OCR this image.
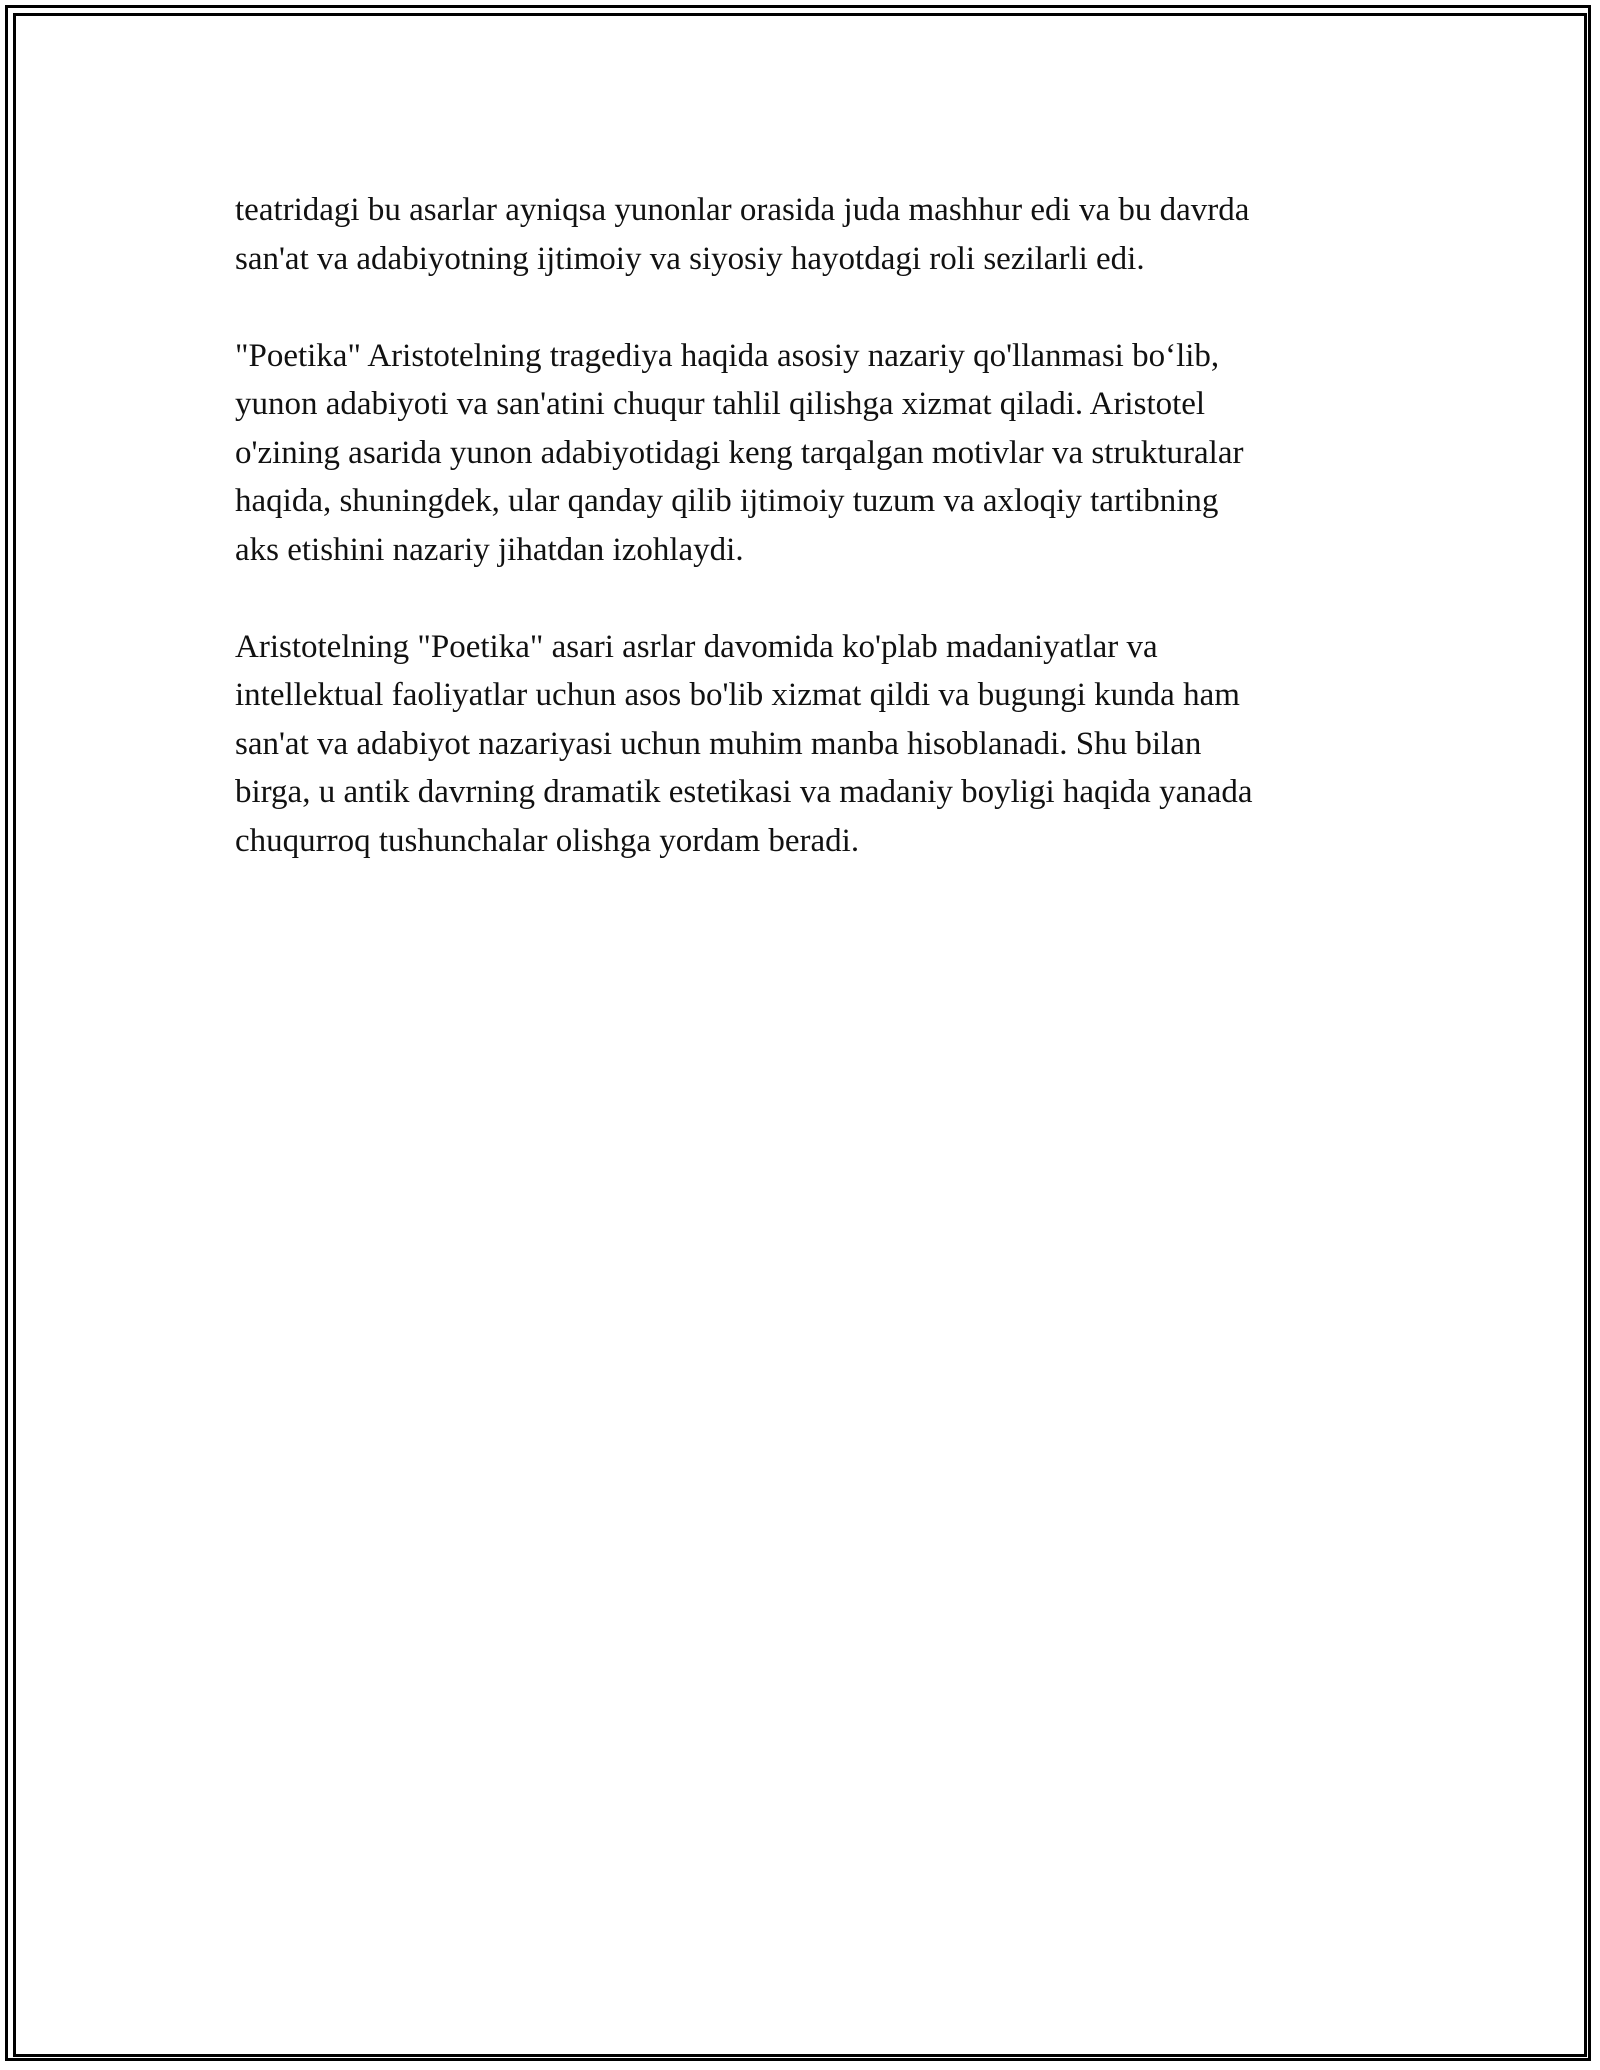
teatridagi bu asarlar ayniqsa yunonlar orasida juda mashhur edi va bu davrda
san'at va adabiyotning ijtimoiy va siyosiy hayotdagi roli sezilarli edi.

"Poetika" Aristotelning tragediya haqida asosiy nazariy qo'llanmasi bo‘lib,
yunon adabiyoti va san'atini chuqur tahlil qilishga xizmat qiladi. Aristotel
o'zining asarida yunon adabiyotidagi keng tarqalgan motivlar va strukturalar
haqida, shuningdek, ular qanday qilib ijtimoiy tuzum va axloqiy tartibning
aks etishini nazariy jihatdan izohlaydi.

Aristotelning "Poetika" asari asrlar davomida ko'plab madaniyatlar va
intellektual faoliyatlar uchun asos bo'lib xizmat qildi va bugungi kunda ham
san'at va adabiyot nazariyasi uchun muhim manba hisoblanadi. Shu bilan
birga, u antik davrning dramatik estetikasi va madaniy boyligi haqida yanada
chuqurroq tushunchalar olishga yordam beradi.
